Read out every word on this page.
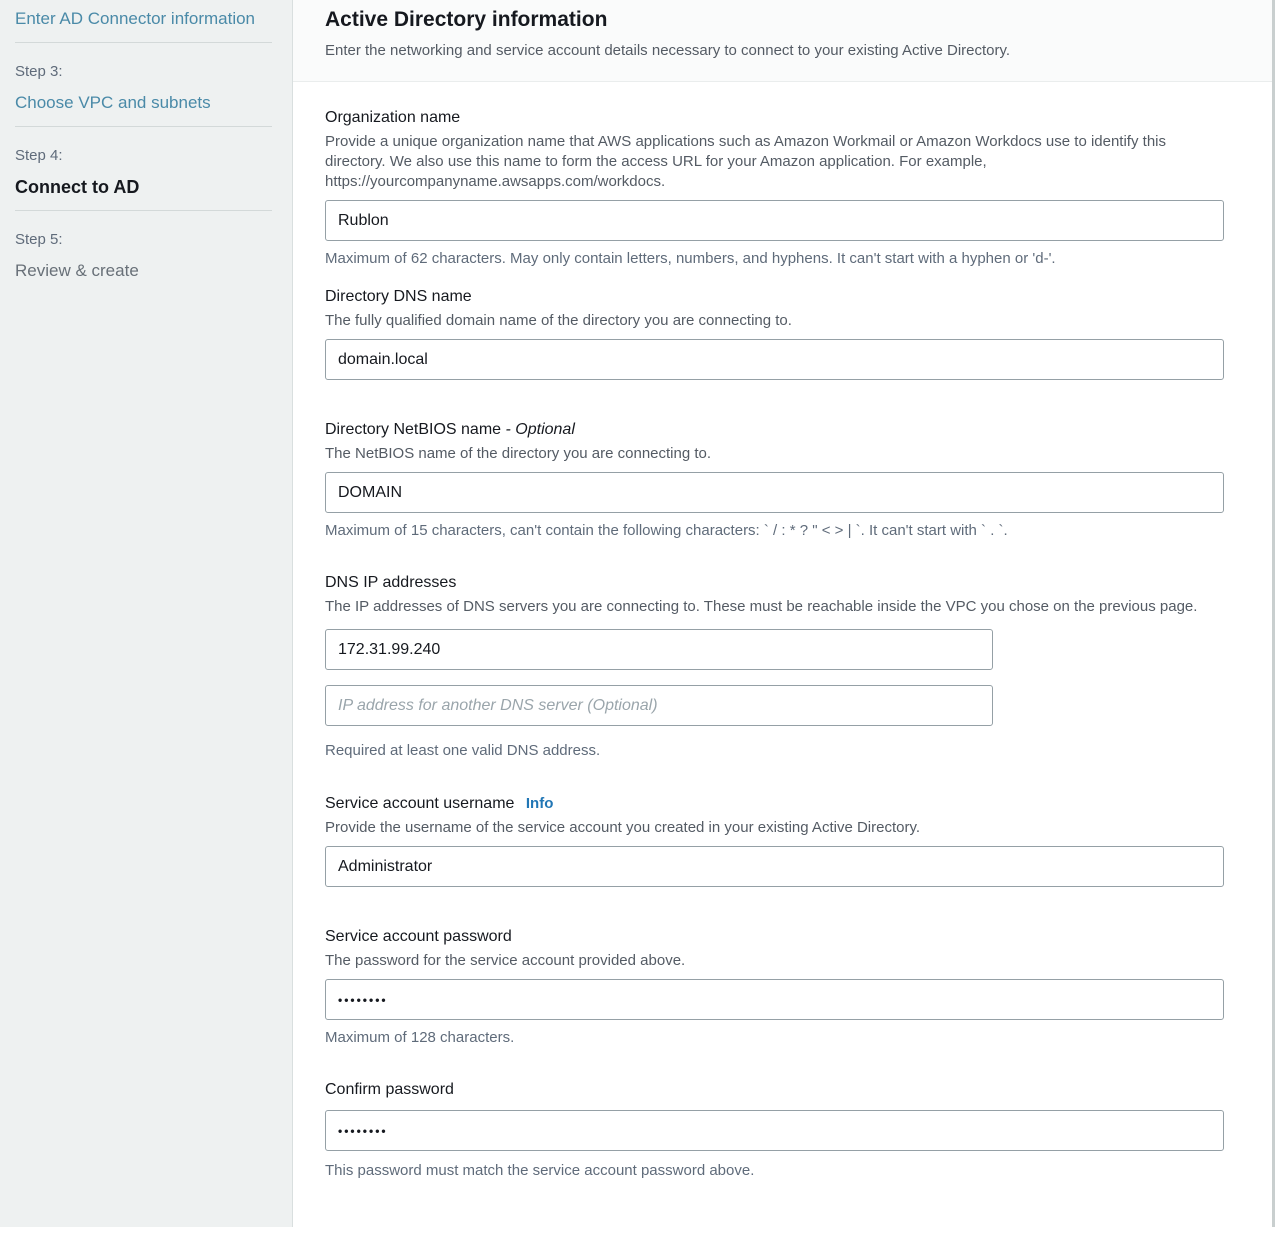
Enter AD Connector information
Step 3:
Choose VPC and subnets
Step 4:
Connect to AD
Step 5:
Review & create
Active Directory information
Enter the networking and service account details necessary to connect to your existing Active Directory.
Organization name
Provide a unique organization name that AWS applications such as Amazon Workmail or Amazon Workdocs use to identify this directory. We also use this name to form the access URL for your Amazon application. For example, https://yourcompanyname.awsapps.com/workdocs.
Rublon
Maximum of 62 characters. May only contain letters, numbers, and hyphens. It can't start with a hyphen or 'd-'.
Directory DNS name
The fully qualified domain name of the directory you are connecting to.
domain.local
Directory NetBIOS name - Optional
The NetBIOS name of the directory you are connecting to.
DOMAIN
Maximum of 15 characters, can't contain the following characters: ` / : * ? " < > | `. It can't start with ` . `.
DNS IP addresses
The IP addresses of DNS servers you are connecting to. These must be reachable inside the VPC you chose on the previous page.
172.31.99.240
IP address for another DNS server (Optional)
Required at least one valid DNS address.
Service account username Info
Provide the username of the service account you created in your existing Active Directory.
Administrator
Service account password
The password for the service account provided above.
••••••••
Maximum of 128 characters.
Confirm password
••••••••
This password must match the service account password above.
